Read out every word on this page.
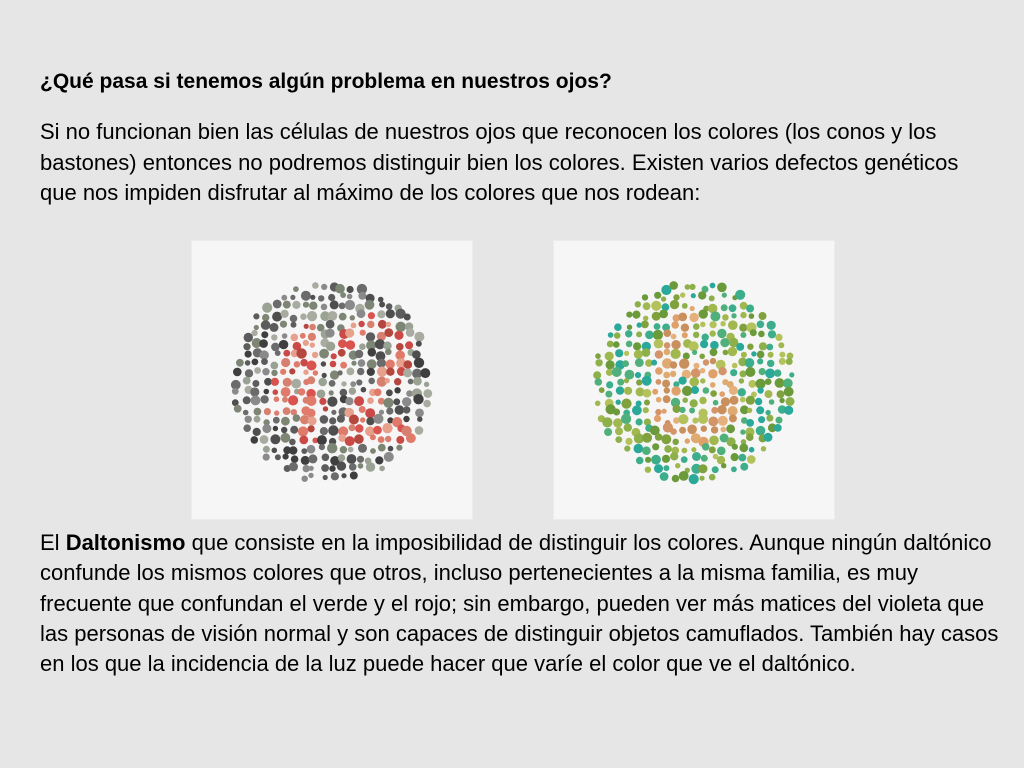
¿Qué pasa si tenemos algún problema en nuestros ojos?

Si no funcionan bien las células de nuestros ojos que reconocen los colores (los conos y los bastones) entonces no podremos distinguir bien los colores. Existen varios defectos genéticos que nos impiden disfrutar al máximo de los colores que nos rodean:

El Daltonismo que consiste en la imposibilidad de distinguir los colores. Aunque ningún daltónico confunde los mismos colores que otros, incluso pertenecientes a la misma familia, es muy frecuente que confundan el verde y el rojo; sin embargo, pueden ver más matices del violeta que las personas de visión normal y son capaces de distinguir objetos camuflados. También hay casos en los que la incidencia de la luz puede hacer que varíe el color que ve el daltónico.
